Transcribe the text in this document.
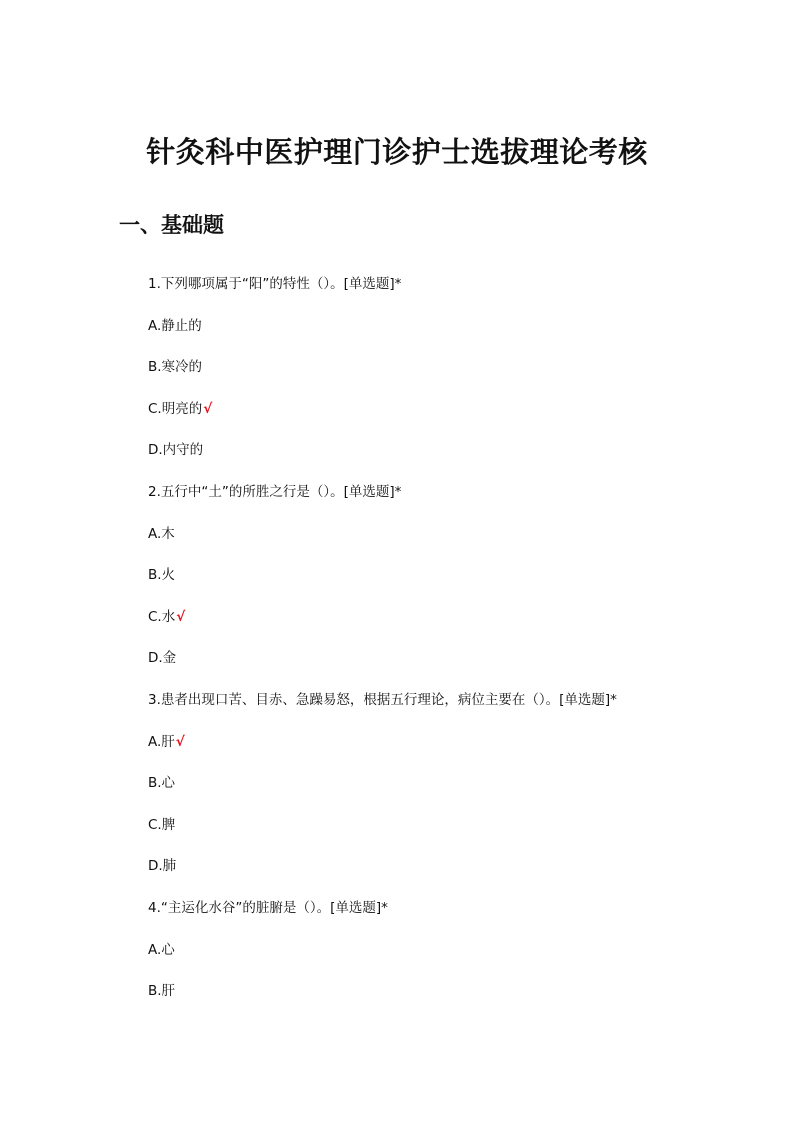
针灸科中医护理门诊护士选拔理论考核
一、基础题
1.下列哪项属于“阳”的特性（）。[单选题]*
A.静止的
B.寒冷的
C.明亮的√
D.内守的
2.五行中“土”的所胜之行是（）。[单选题]*
A.木
B.火
C.水√
D.金
3.患者出现口苦、目赤、急躁易怒，根据五行理论，病位主要在（）。[单选题]*
A.肝√
B.心
C.脾
D.肺
4.“主运化水谷”的脏腑是（）。[单选题]*
A.心
B.肝
